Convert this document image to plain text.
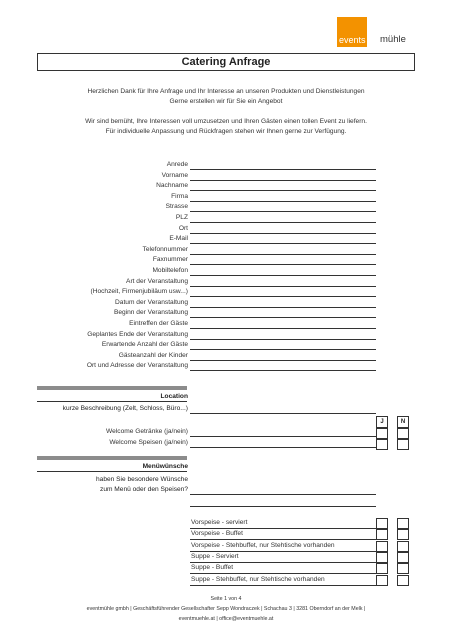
events mühle
Catering Anfrage
Herzlichen Dank für Ihre Anfrage und Ihr Interesse an unseren Produkten und Dienstleistungen
Gerne erstellen wir für Sie ein Angebot
Wir sind bemüht, Ihre Interessen voll umzusetzen und Ihren Gästen einen tollen Event zu liefern.
Für individuelle Anpassung und Rückfragen stehen wir Ihnen gerne zur Verfügung.
Anrede
Vorname
Nachname
Firma
Strasse
PLZ
Ort
E-Mail
Telefonnummer
Faxnummer
Mobiltelefon
Art der Veranstaltung
(Hochzeit, Firmenjubiläum usw...)
Datum der Veranstaltung
Beginn der Veranstaltung
Eintreffen der Gäste
Geplantes Ende der Veranstaltung
Erwartende Anzahl der Gäste
Gästeanzahl der Kinder
Ort und Adresse der Veranstaltung
Location
kurze Beschreibung (Zelt, Schloss, Büro...)
J	N
Welcome Getränke (ja/nein)
Welcome Speisen (ja/nein)
Menüwünsche
haben Sie besondere Wünsche
zum Menü oder den Speisen?
Vorspeise - serviert
Vorspeise - Buffet
Vorspeise - Stehbuffet, nur Stehtische vorhanden
Suppe - Serviert
Suppe - Buffet
Suppe - Stehbuffet, nur Stehtische vorhanden
Seite 1 von 4
eventmühle gmbh | Geschäftsführender Gesellschafter Sepp Wondraczek | Schachau 3 | 3281 Oberndorf an der Melk |
eventmuehle.at | office@eventmuehle.at
